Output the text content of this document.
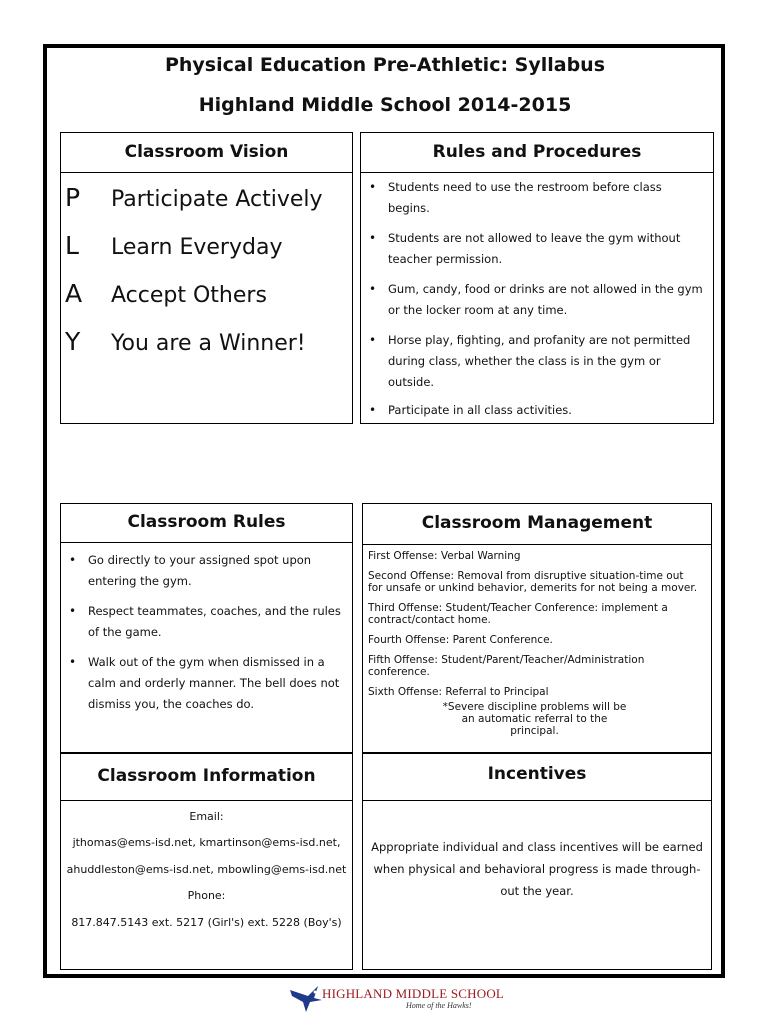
Physical Education Pre-Athletic: Syllabus
Highland Middle School 2014-2015
Classroom Vision
P	Participate Actively
L	Learn Everyday
A	Accept Others
Y	You are a Winner!
Rules and Procedures
• Students need to use the restroom before class begins.
• Students are not allowed to leave the gym without teacher permission.
• Gum, candy, food or drinks are not allowed in the gym or the locker room at any time.
• Horse play, fighting, and profanity are not permitted during class, whether the class is in the gym or outside.
• Participate in all class activities.
Classroom Rules
• Go directly to your assigned spot upon entering the gym.
• Respect teammates, coaches, and the rules of the game.
• Walk out of the gym when dismissed in a calm and orderly manner. The bell does not dismiss you, the coaches do.
Classroom Management

First Offense: Verbal Warning

Second Offense: Removal from disruptive situation-time out for unsafe or unkind behavior, demerits for not being a mover.

Third Offense: Student/Teacher Conference: implement a contract/contact home.

Fourth Offense: Parent Conference.

Fifth Offense: Student/Parent/Teacher/Administration conference.

Sixth Offense: Referral to Principal

*Severe discipline problems will be an automatic referral to the principal.

Classroom Information
Email:
jthomas@ems-isd.net, kmartinson@ems-isd.net,
ahuddleston@ems-isd.net, mbowling@ems-isd.net
Phone:
817.847.5143 ext. 5217 (Girl's) ext. 5228 (Boy's)
Incentives
Appropriate individual and class incentives will be earned when physical and behavioral progress is made through-out the year.
HIGHLAND MIDDLE SCHOOL
Home of the Hawks!
